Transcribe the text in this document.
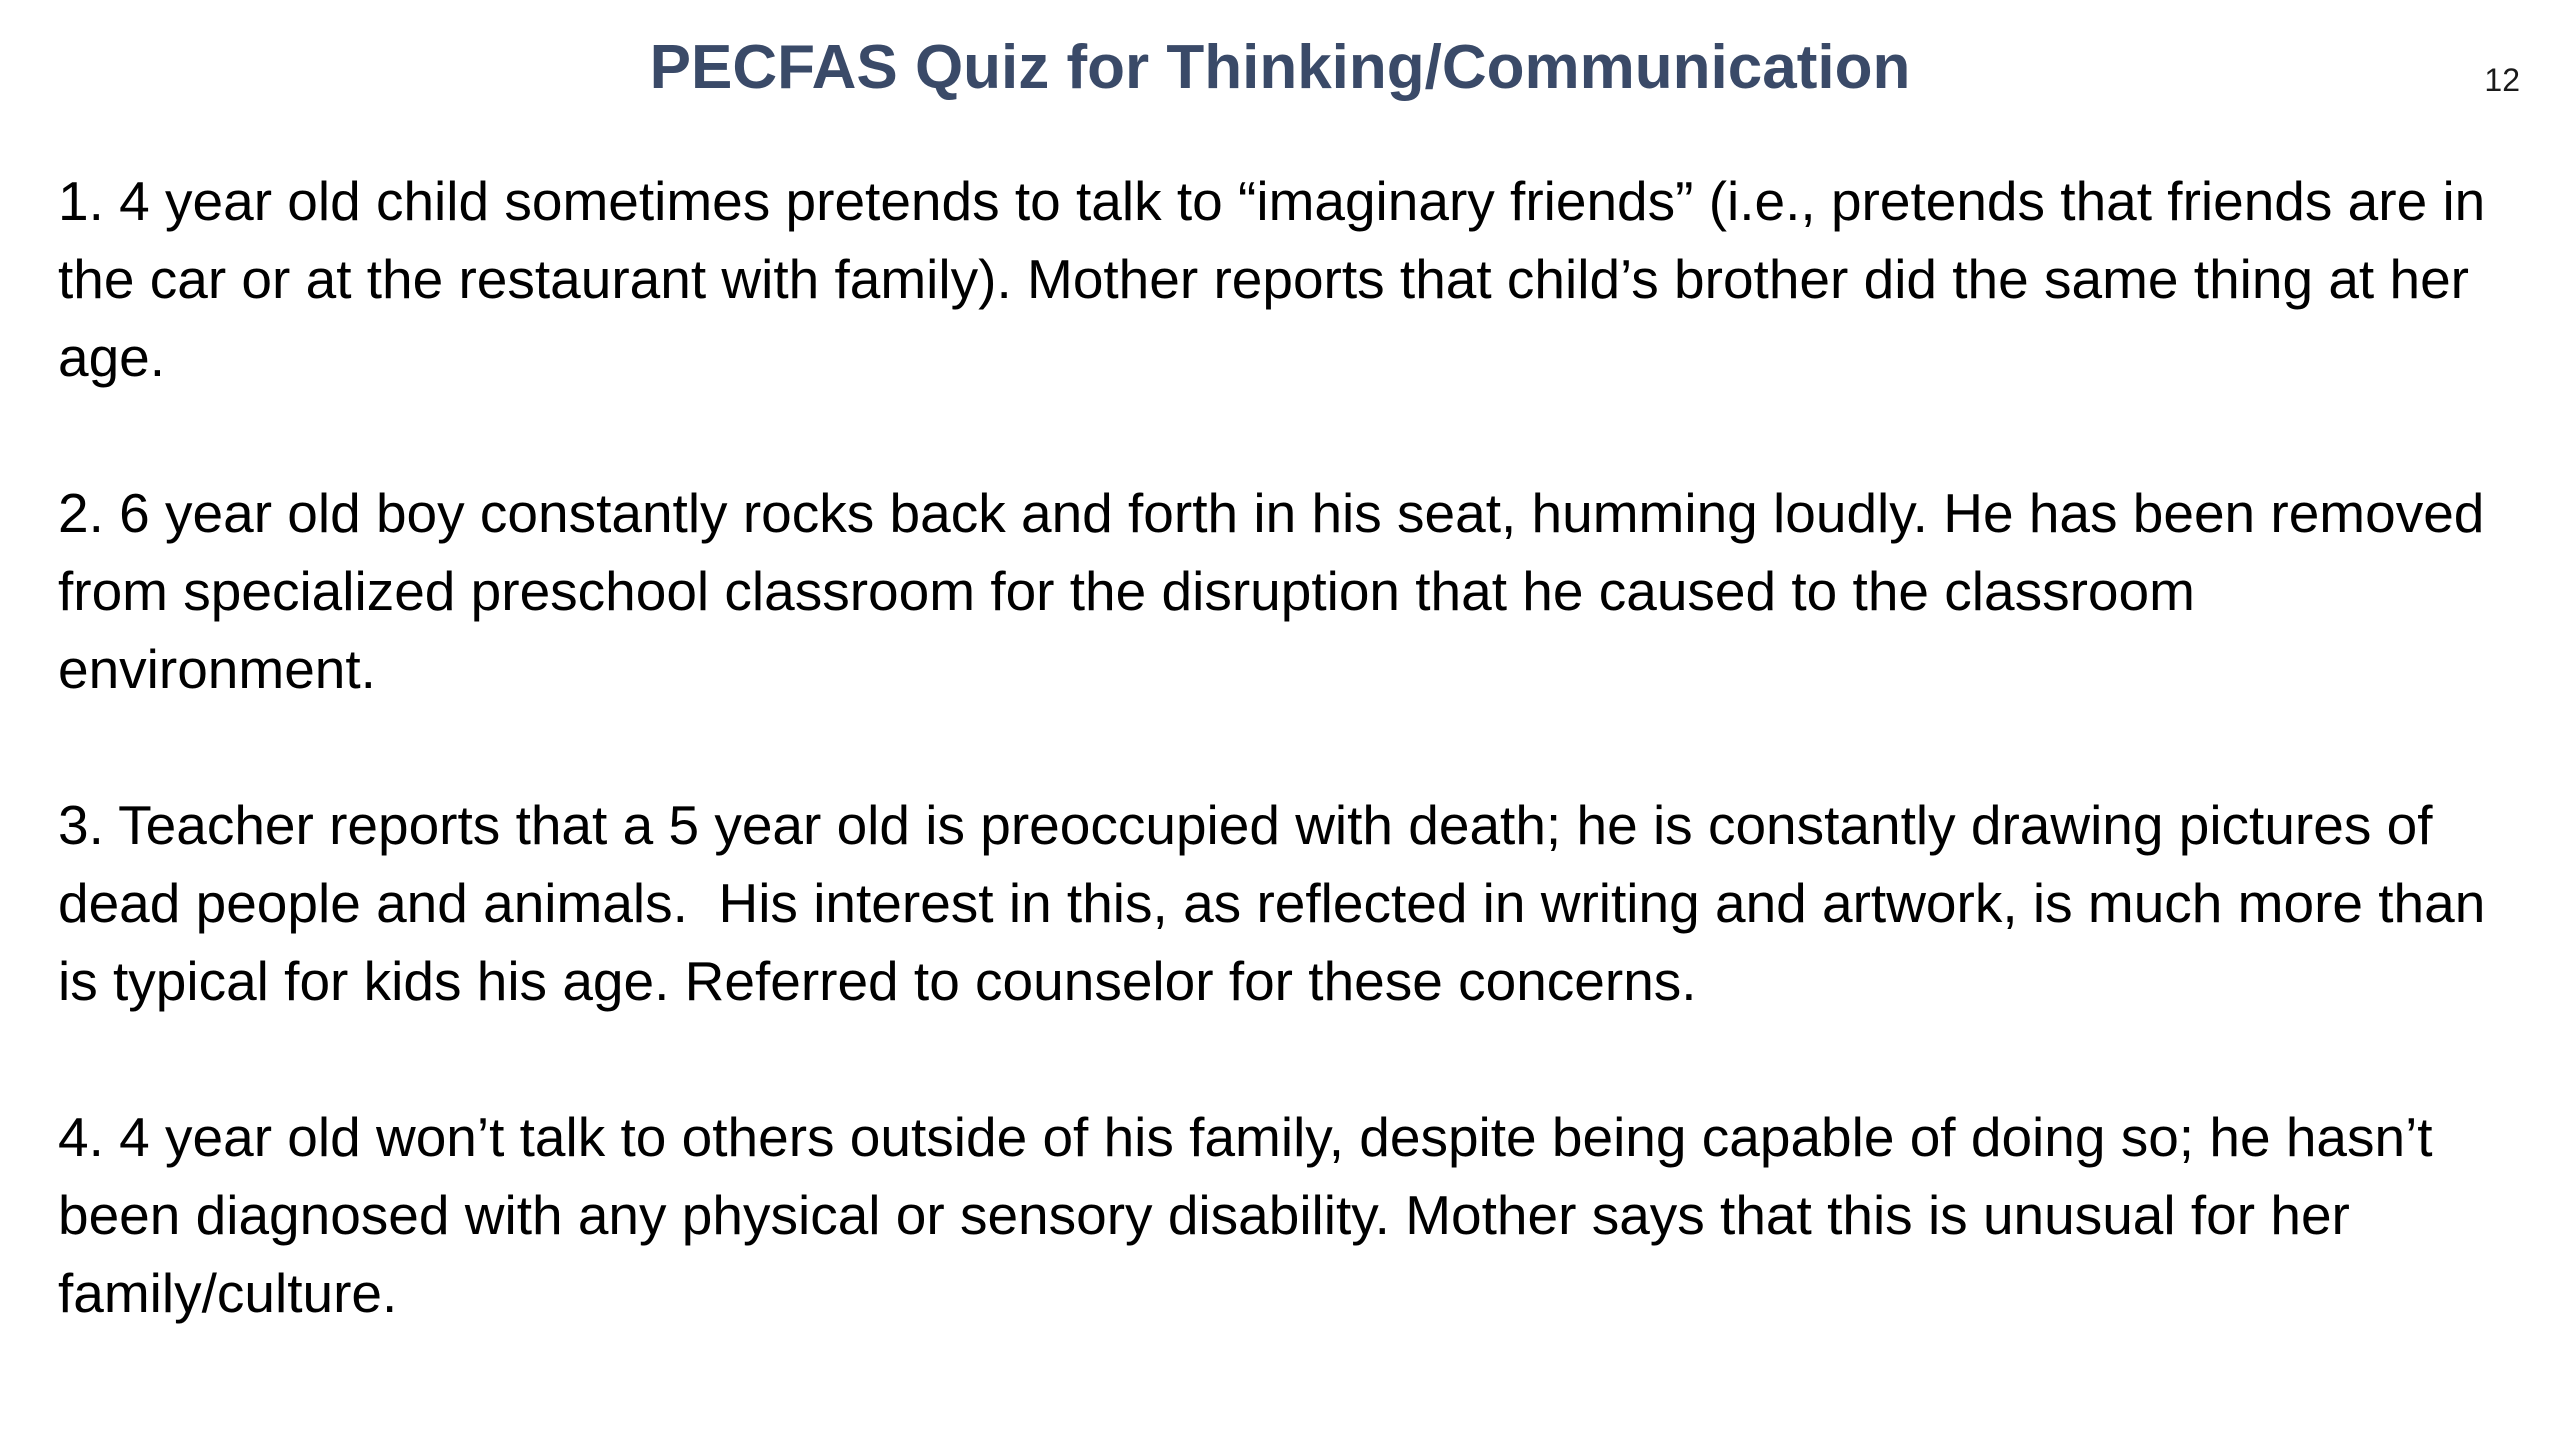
PECFAS Quiz for Thinking/Communication	12

1. 4 year old child sometimes pretends to talk to “imaginary friends” (i.e., pretends that friends are in the car or at the restaurant with family). Mother reports that child’s brother did the same thing at her age.

2. 6 year old boy constantly rocks back and forth in his seat, humming loudly. He has been removed from specialized preschool classroom for the disruption that he caused to the classroom environment.

3. Teacher reports that a 5 year old is preoccupied with death; he is constantly drawing pictures of dead people and animals.  His interest in this, as reflected in writing and artwork, is much more than is typical for kids his age. Referred to counselor for these concerns.

4. 4 year old won’t talk to others outside of his family, despite being capable of doing so; he hasn’t been diagnosed with any physical or sensory disability. Mother says that this is unusual for her family/culture.
